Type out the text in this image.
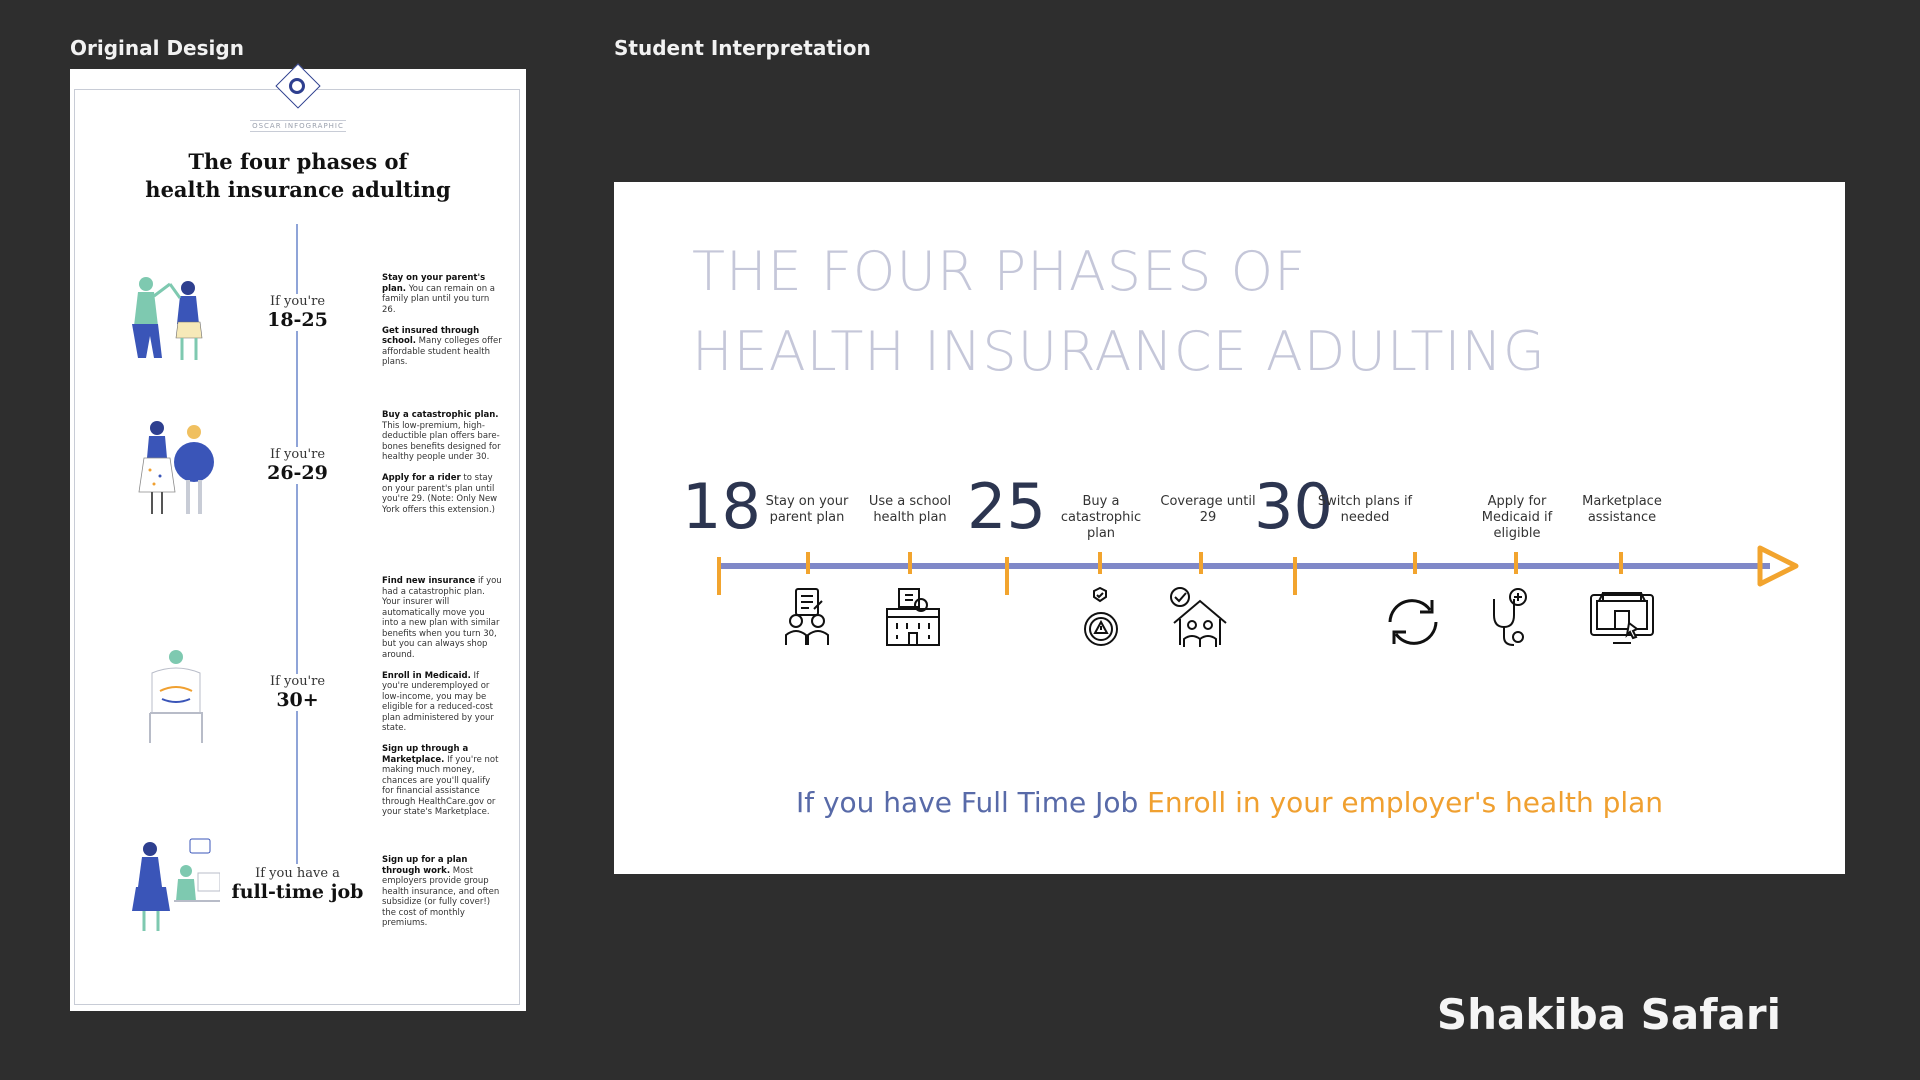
Original Design	Student Interpretation
OSCAR INFOGRAPHIC
The four phases of
health insurance adulting
If you're
18-25
Stay on your parent's plan. You can remain on a family plan until you turn 26.

Get insured through school. Many colleges offer affordable student health plans.
If you're
26-29
Buy a catastrophic plan. This low-premium, high-deductible plan offers bare-bones benefits designed for healthy people under 30.

Apply for a rider to stay on your parent's plan until you're 29. (Note: Only New York offers this extension.)
If you're
30+
Find new insurance if you had a catastrophic plan. Your insurer will automatically move you into a new plan with similar benefits when you turn 30, but you can always shop around.

Enroll in Medicaid. If you're underemployed or low-income, you may be eligible for a reduced-cost plan administered by your state.

Sign up through a Marketplace. If you're not making much money, chances are you'll qualify for financial assistance through HealthCare.gov or your state's Marketplace.
If you have a
full-time job
Sign up for a plan through work. Most employers provide group health insurance, and often subsidize (or fully cover!) the cost of monthly premiums.
THE FOUR PHASES OF
HEALTH INSURANCE ADULTING
18	25	30
Stay on your parent plan
Use a school health plan
Buy a catastrophic plan
Coverage until 29
Switch plans if needed
Apply for Medicaid if eligible
Marketplace assistance
If you have Full Time Job Enroll in your employer's health plan
Shakiba Safari
